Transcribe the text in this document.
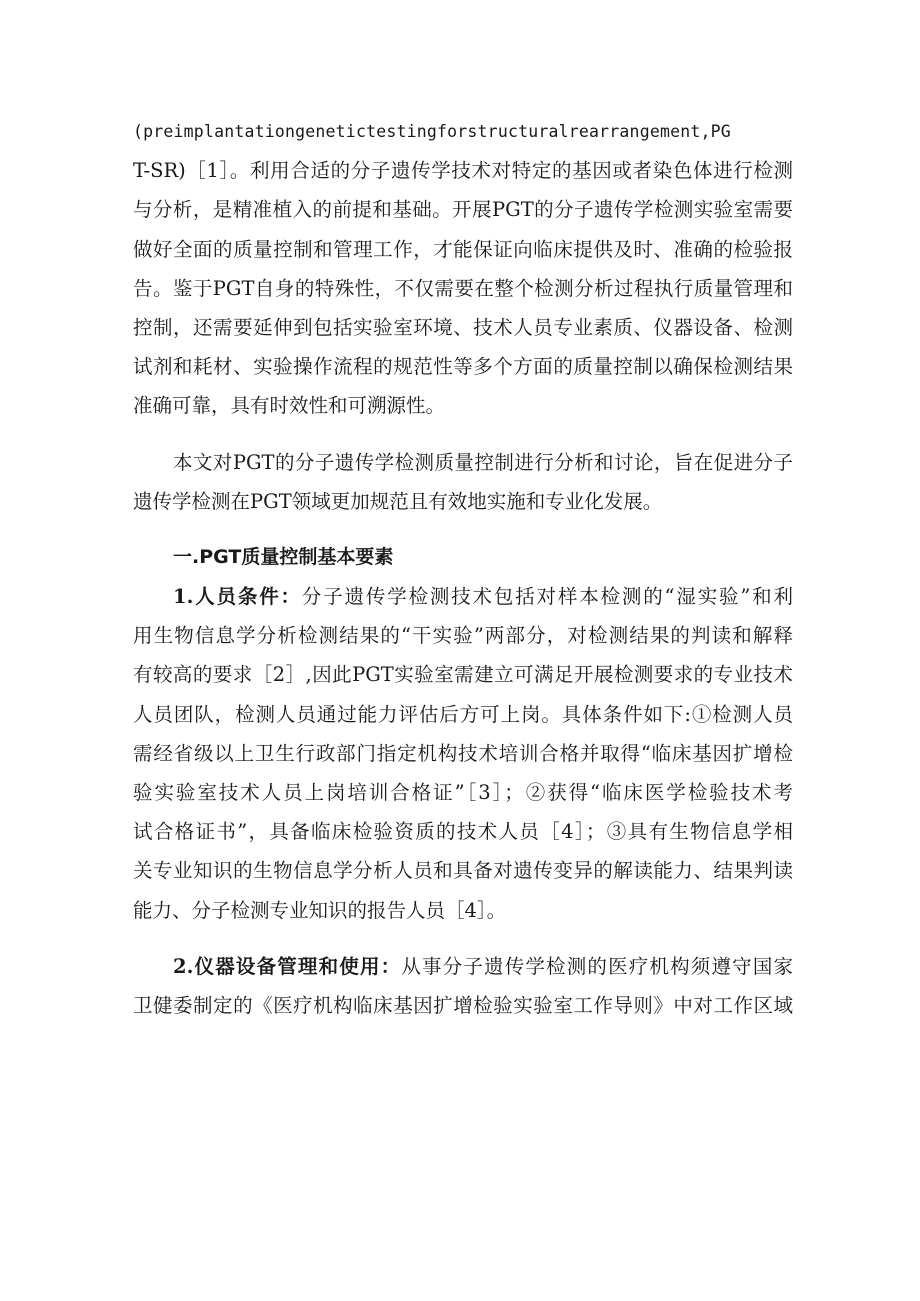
(preimplantationgenetictestingforstructuralrearrangement,PG
T-SR)［1］。利用合适的分子遗传学技术对特定的基因或者染色体进行检测
与分析，是精准植入的前提和基础。开展PGT的分子遗传学检测实验室需要
做好全面的质量控制和管理工作，才能保证向临床提供及时、准确的检验报
告。鉴于PGT自身的特殊性，不仅需要在整个检测分析过程执行质量管理和
控制，还需要延伸到包括实验室环境、技术人员专业素质、仪器设备、检测
试剂和耗材、实验操作流程的规范性等多个方面的质量控制以确保检测结果
准确可靠，具有时效性和可溯源性。
本文对PGT的分子遗传学检测质量控制进行分析和讨论，旨在促进分子
遗传学检测在PGT领域更加规范且有效地实施和专业化发展。
一.PGT质量控制基本要素
1.人员条件：分子遗传学检测技术包括对样本检测的“湿实验”和利
用生物信息学分析检测结果的“干实验”两部分，对检测结果的判读和解释
有较高的要求［2］,因此PGT实验室需建立可满足开展检测要求的专业技术
人员团队，检测人员通过能力评估后方可上岗。具体条件如下:①检测人员
需经省级以上卫生行政部门指定机构技术培训合格并取得“临床基因扩增检
验实验室技术人员上岗培训合格证”［3］；②获得“临床医学检验技术考
试合格证书”，具备临床检验资质的技术人员［4］；③具有生物信息学相
关专业知识的生物信息学分析人员和具备对遗传变异的解读能力、结果判读
能力、分子检测专业知识的报告人员［4］。
2.仪器设备管理和使用：从事分子遗传学检测的医疗机构须遵守国家
卫健委制定的《医疗机构临床基因扩增检验实验室工作导则》中对工作区域
